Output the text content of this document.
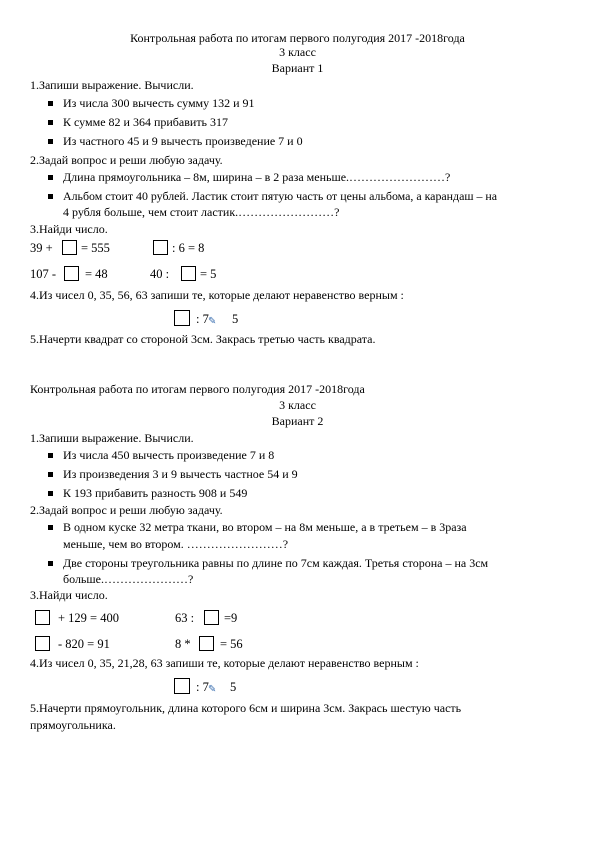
Контрольная работа по итогам первого полугодия 2017 -2018года
3 класс
Вариант 1
1.Запиши выражение. Вычисли.
Из числа 300 вычесть сумму 132 и 91
К сумме 82 и 364 прибавить 317
Из частного 45 и 9 вычесть произведение 7 и 0
2.Задай вопрос и реши любую задачу.
Длина прямоугольника – 8м, ширина – в 2 раза меньше.……………………?
Альбом стоит 40 рублей. Ластик стоит пятую часть от цены альбома, а карандаш – на
4 рубля больше, чем стоит ластик.……………………?
3.Найди число.
39 + = 555	: 6 = 8
107 - = 48	40 : = 5
4.Из чисел 0, 35, 56, 63 запиши те, которые делают неравенство верным :
: 7 ✎ 5
5.Начерти квадрат со стороной 3см. Закрась третью часть квадрата.
Контрольная работа по итогам первого полугодия 2017 -2018года
3 класс
Вариант 2
1.Запиши выражение. Вычисли.
Из числа 450 вычесть произведение 7 и 8
Из произведения 3 и 9 вычесть частное 54 и 9
К 193 прибавить разность 908 и 549
2.Задай вопрос и реши любую задачу.
В одном куске 32 метра ткани, во втором – на 8м меньше, а в третьем – в 3раза
меньше, чем во втором. ……………………?
Две стороны треугольника равны по длине по 7см каждая. Третья сторона – на 3см
больше.…………………?
3.Найди число.
+ 129 = 400	63 : =9
- 820 = 91	8 * = 56
4.Из чисел 0, 35, 21,28, 63 запиши те, которые делают неравенство верным :
: 7 ✎ 5
5.Начерти прямоугольник, длина которого 6см и ширина 3см. Закрась шестую часть
прямоугольника.
